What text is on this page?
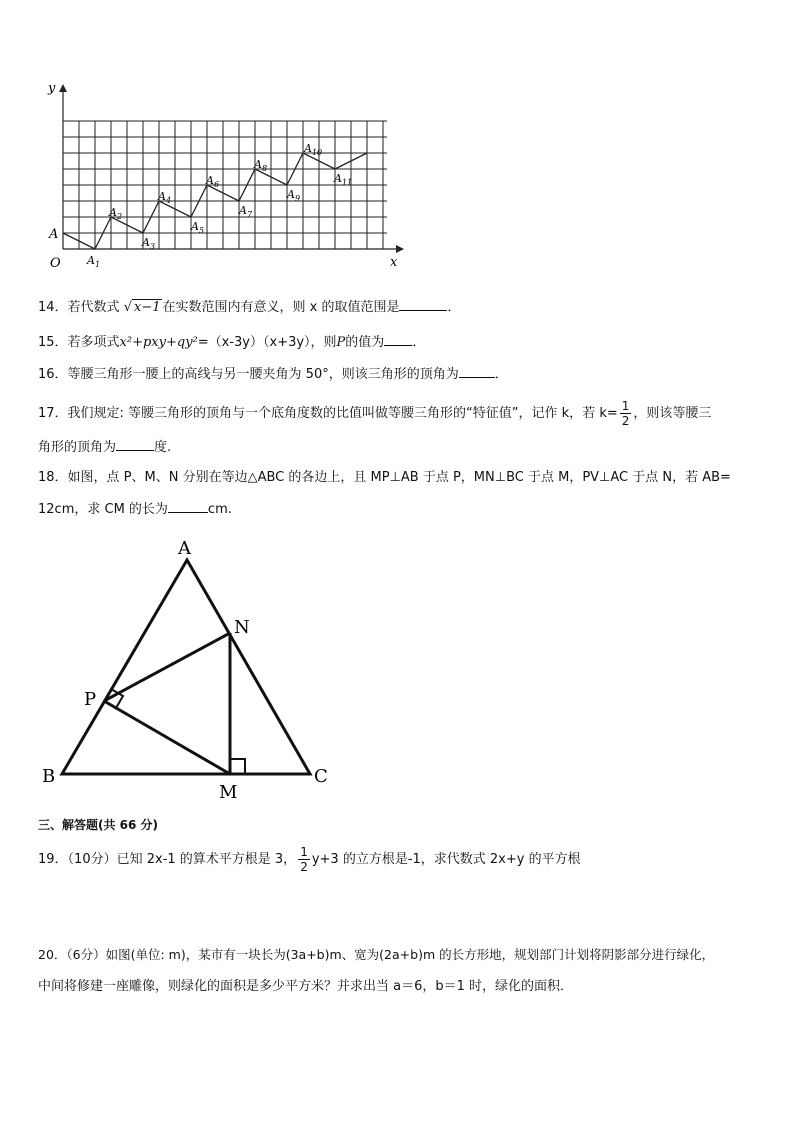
y
x
O
A
$A_1$
$A_2$
$A_3$
$A_4$
$A_5$
$A_6$
$A_7$
$A_8$
$A_9$
$A_{10}$
$A_{11}$
14．若代数式 √ x−1 在实数范围内有意义，则 x 的取值范围是	．
15．若多项式x²+pxy+qy²=（x-3y）（x+3y），则P的值为 ．
16．等腰三角形一腰上的高线与另一腰夹角为 50°，则该三角形的顶角为	．
17．我们规定: 等腰三角形的顶角与一个底角度数的比值叫做等腰三角形的“特征值”，记作 k，若 $k= \frac{1}{2}$ ，则该等腰三
角形的顶角为	度.
18．如图，点 P、M、N 分别在等边△ABC 的各边上，且 MP⊥AB 于点 P，MN⊥BC 于点 M，PV⊥AC 于点 N，若 AB=
12cm，求 CM 的长为	cm.
A
B	C
N
P
M
三、解答题(共 66 分)
19．（10分）已知 2x-1 的算术平方根是 3， $\frac{1}{2} y+3$ 的立方根是-1，求代数式 2x+y 的平方根
20．（6分）如图(单位: m)，某市有一块长为(3a+b)m、宽为(2a+b)m 的长方形地，规划部门计划将阴影部分进行绿化，
中间将修建一座雕像，则绿化的面积是多少平方米？并求出当 a＝6，b＝1 时，绿化的面积．
